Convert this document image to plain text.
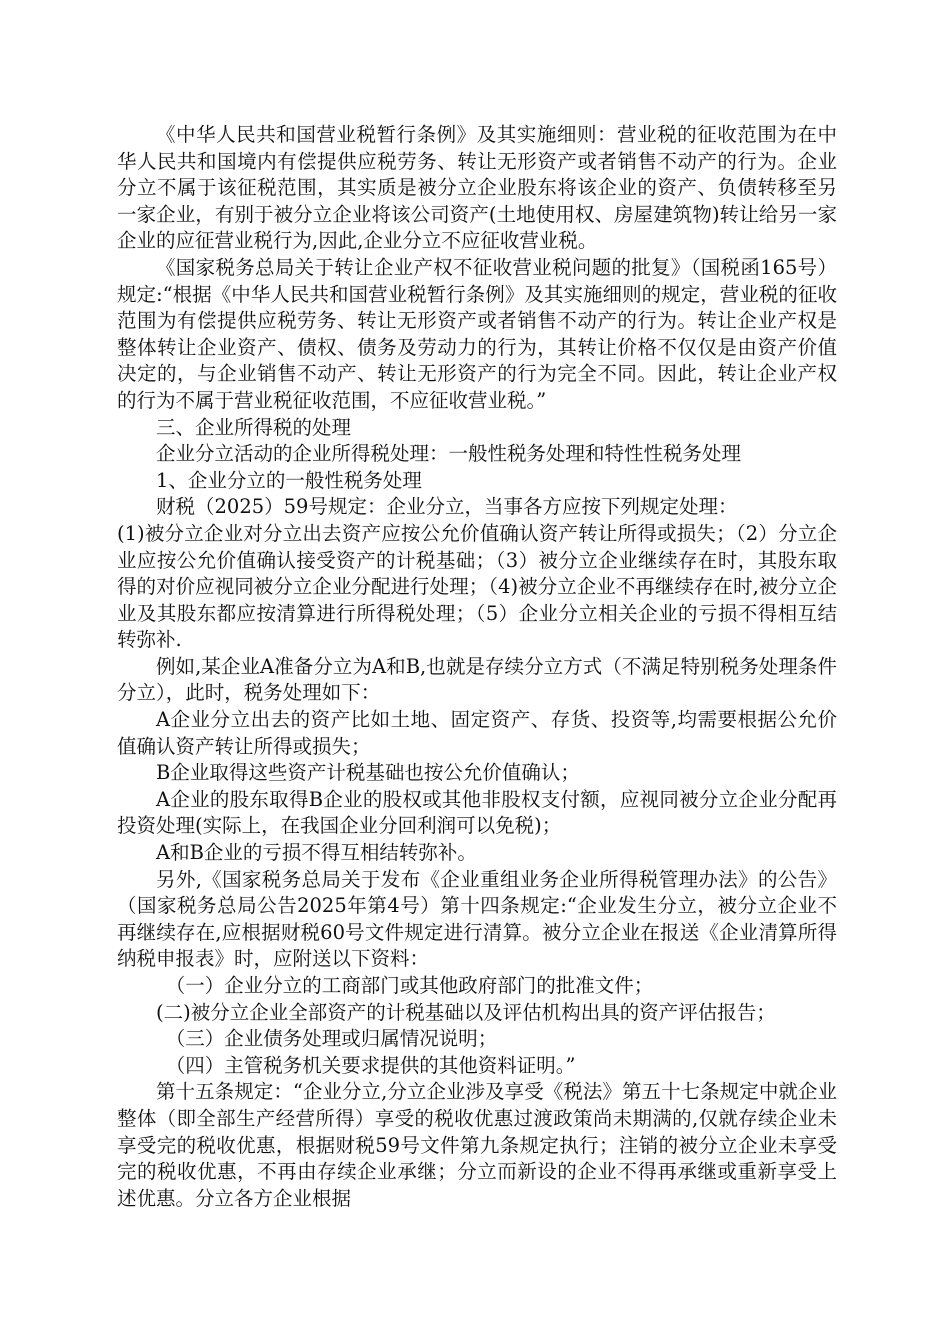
《中华人民共和国营业税暂行条例》及其实施细则：营业税的征收范围为在中华人民共和国境内有偿提供应税劳务、转让无形资产或者销售不动产的行为。企业分立不属于该征税范围，其实质是被分立企业股东将该企业的资产、负债转移至另一家企业，有别于被分立企业将该公司资产(土地使用权、房屋建筑物)转让给另一家企业的应征营业税行为,因此,企业分立不应征收营业税。

《国家税务总局关于转让企业产权不征收营业税问题的批复》（国税函165号）规定:“根据《中华人民共和国营业税暂行条例》及其实施细则的规定，营业税的征收范围为有偿提供应税劳务、转让无形资产或者销售不动产的行为。转让企业产权是整体转让企业资产、债权、债务及劳动力的行为，其转让价格不仅仅是由资产价值决定的，与企业销售不动产、转让无形资产的行为完全不同。因此，转让企业产权的行为不属于营业税征收范围，不应征收营业税。”

三、企业所得税的处理

企业分立活动的企业所得税处理：一般性税务处理和特性性税务处理

1、企业分立的一般性税务处理

财税（2025）59号规定：企业分立，当事各方应按下列规定处理：

(1)被分立企业对分立出去资产应按公允价值确认资产转让所得或损失；（2）分立企业应按公允价值确认接受资产的计税基础；（3）被分立企业继续存在时，其股东取得的对价应视同被分立企业分配进行处理；（4)被分立企业不再继续存在时,被分立企业及其股东都应按清算进行所得税处理；（5）企业分立相关企业的亏损不得相互结转弥补.

例如,某企业A准备分立为A和B,也就是存续分立方式（不满足特别税务处理条件分立），此时，税务处理如下：

A企业分立出去的资产比如土地、固定资产、存货、投资等,均需要根据公允价值确认资产转让所得或损失；

B企业取得这些资产计税基础也按公允价值确认；

A企业的股东取得B企业的股权或其他非股权支付额，应视同被分立企业分配再投资处理(实际上，在我国企业分回利润可以免税)；

A和B企业的亏损不得互相结转弥补。

另外,《国家税务总局关于发布《企业重组业务企业所得税管理办法》的公告》（国家税务总局公告2025年第4号）第十四条规定:“企业发生分立，被分立企业不再继续存在,应根据财税60号文件规定进行清算。被分立企业在报送《企业清算所得纳税申报表》时，应附送以下资料：

（一）企业分立的工商部门或其他政府部门的批准文件；

(二)被分立企业全部资产的计税基础以及评估机构出具的资产评估报告；

（三）企业债务处理或归属情况说明；

（四）主管税务机关要求提供的其他资料证明。”

第十五条规定：“企业分立,分立企业涉及享受《税法》第五十七条规定中就企业整体（即全部生产经营所得）享受的税收优惠过渡政策尚未期满的,仅就存续企业未享受完的税收优惠，根据财税59号文件第九条规定执行；注销的被分立企业未享受完的税收优惠，不再由存续企业承继；分立而新设的企业不得再承继或重新享受上述优惠。分立各方企业根据
